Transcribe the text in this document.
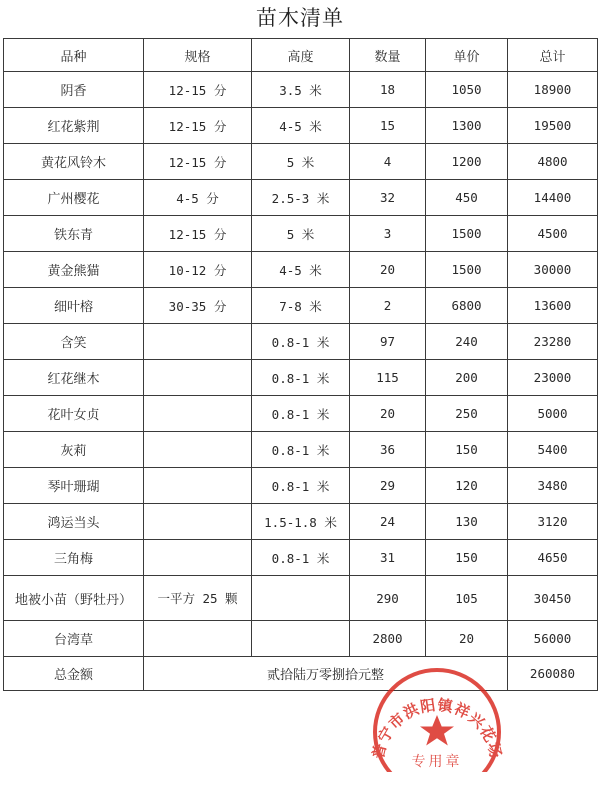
苗木清单
品种	规格	高度	数量	单价	总计
阴香	12-15 分	3.5 米	18	1050	18900
红花紫荆	12-15 分	4-5 米	15	1300	19500
黄花风铃木	12-15 分	5 米	4	1200	4800
广州樱花	4-5 分	2.5-3 米	32	450	14400
铁东青	12-15 分	5 米	3	1500	4500
黄金熊猫	10-12 分	4-5 米	20	1500	30000
细叶榕	30-35 分	7-8 米	2	6800	13600
含笑		0.8-1 米	97	240	23280
红花继木		0.8-1 米	115	200	23000
花叶女贞		0.8-1 米	20	250	5000
灰莉		0.8-1 米	36	150	5400
琴叶珊瑚		0.8-1 米	29	120	3480
鸿运当头		1.5-1.8 米	24	130	3120
三角梅		0.8-1 米	31	150	4650
地被小苗（野牡丹）	一平方 25 颗		290	105	30450
台湾草			2800	20	56000
总金额	贰拾陆万零捌拾元整				260080
普宁市洪阳镇祥兴花场
专用章
